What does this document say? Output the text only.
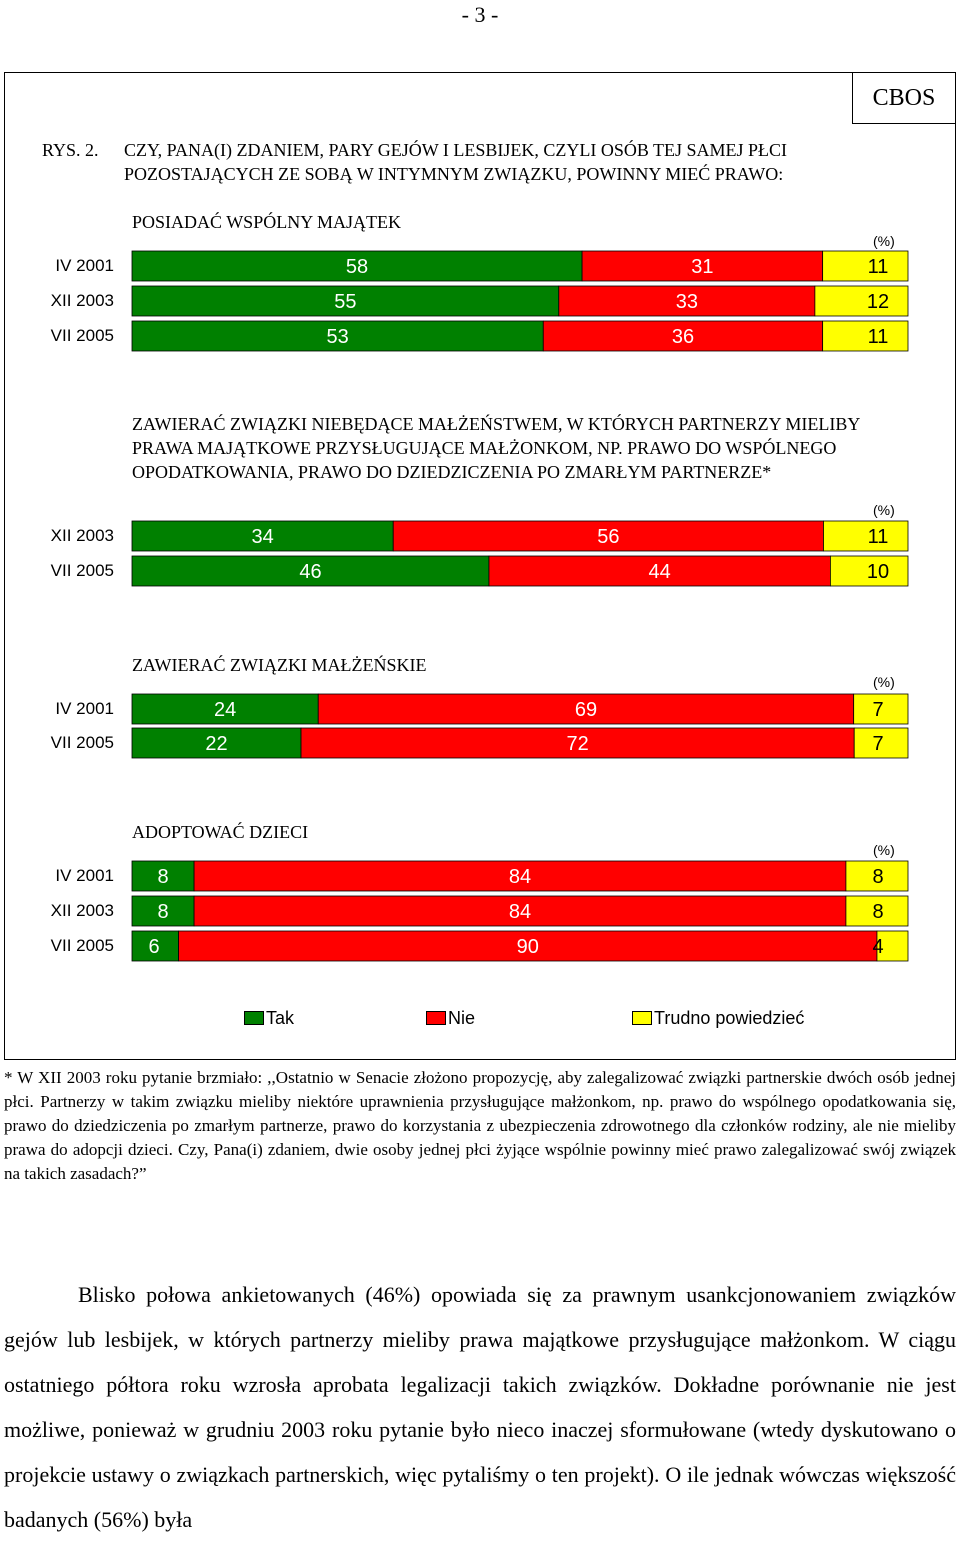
- 3 -
CBOS
RYS. 2. CZY, PANA(I) ZDANIEM, PARY GEJÓW I LESBIJEK, CZYLI OSÓB TEJ SAMEJ PŁCI POZOSTAJĄCYCH ZE SOBĄ W INTYMNYM ZWIĄZKU, POWINNY MIEĆ PRAWO:
POSIADAĆ WSPÓLNY MAJĄTEK
ZAWIERAĆ ZWIĄZKI NIEBĘDĄCE MAŁŻEŃSTWEM, W KTÓRYCH PARTNERZY MIELIBY PRAWA MAJĄTKOWE PRZYSŁUGUJĄCE MAŁŻONKOM, NP. PRAWO DO WSPÓLNEGO OPODATKOWANIA, PRAWO DO DZIEDZICZENIA PO ZMARŁYM PARTNERZE*
ZAWIERAĆ ZWIĄZKI MAŁŻEŃSKIE
ADOPTOWAĆ DZIECI
(%)
(%)
(%)
(%)
IV 2001
XII 2003
VII 2005
XII 2003
VII 2005
IV 2001
VII 2005
IV 2001
XII 2003
VII 2005
58	31	11
55	33	12
53	36	11
34	56	11
46	44	10
24	69	7
22	72	7
8	84	8
8	84	8
6	90	4
Tak	Nie	Trudno powiedzieć
* W XII 2003 roku pytanie brzmiało: ,,Ostatnio w Senacie złożono propozycję, aby zalegalizować związki partnerskie dwóch osób jednej płci. Partnerzy w takim związku mieliby niektóre uprawnienia przysługujące małżonkom, np. prawo do wspólnego opodatkowania się, prawo do dziedziczenia po zmarłym partnerze, prawo do korzystania z ubezpieczenia zdrowotnego dla członków rodziny, ale nie mieliby prawa do adopcji dzieci. Czy, Pana(i) zdaniem, dwie osoby jednej płci żyjące wspólnie powinny mieć prawo zalegalizować swój związek na takich zasadach?”
Blisko połowa ankietowanych (46%) opowiada się za prawnym usankcjonowaniem związków gejów lub lesbijek, w których partnerzy mieliby prawa majątkowe przysługujące małżonkom. W ciągu ostatniego półtora roku wzrosła aprobata legalizacji takich związków. Dokładne porównanie nie jest możliwe, ponieważ w grudniu 2003 roku pytanie było nieco inaczej sformułowane (wtedy dyskutowano o projekcie ustawy o związkach partnerskich, więc pytaliśmy o ten projekt). O ile jednak wówczas większość badanych (56%) była
